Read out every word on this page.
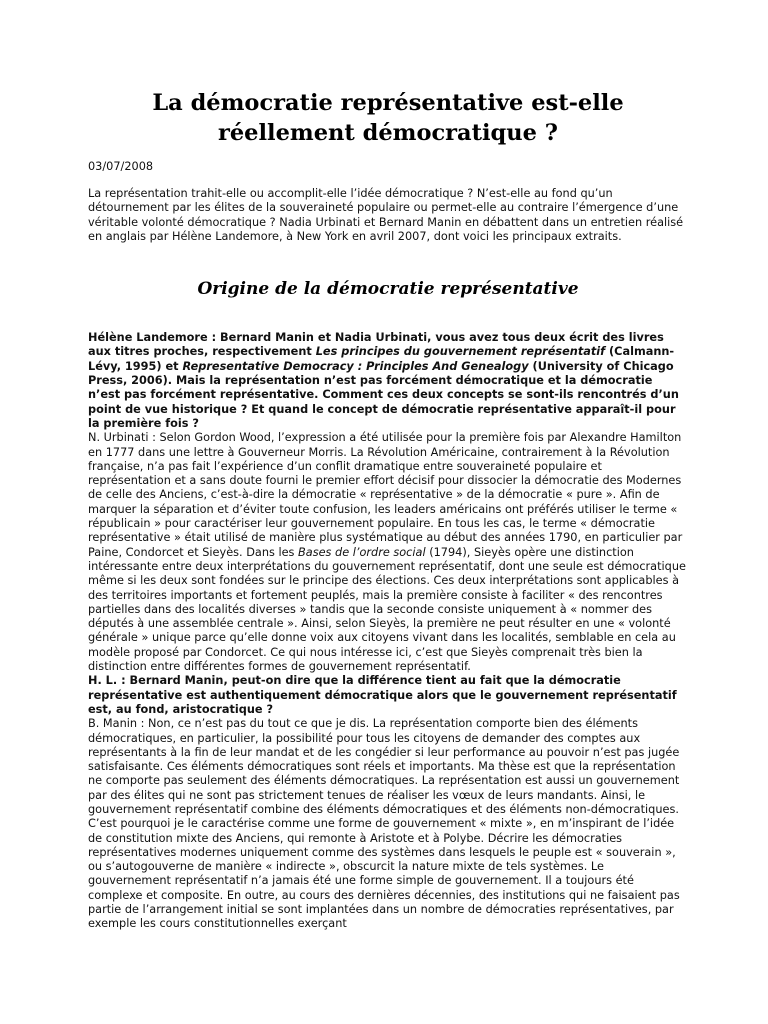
La démocratie représentative est-elle réellement démocratique ?

03/07/2008

La représentation trahit-elle ou accomplit-elle l’idée démocratique ? N’est-elle au fond qu’un détournement par les élites de la souveraineté populaire ou permet-elle au contraire l’émergence d’une véritable volonté démocratique ? Nadia Urbinati et Bernard Manin en débattent dans un entretien réalisé en anglais par Hélène Landemore, à New York en avril 2007, dont voici les principaux extraits.

Origine de la démocratie représentative

Hélène Landemore : Bernard Manin et Nadia Urbinati, vous avez tous deux écrit des livres aux titres proches, respectivement Les principes du gouvernement représentatif (Calmann-Lévy, 1995) et Representative Democracy : Principles And Genealogy (University of Chicago Press, 2006). Mais la représentation n’est pas forcément démocratique et la démocratie n’est pas forcément représentative. Comment ces deux concepts se sont-ils rencontrés d’un point de vue historique ? Et quand le concept de démocratie représentative apparaît-il pour la première fois ?

N. Urbinati : Selon Gordon Wood, l’expression a été utilisée pour la première fois par Alexandre Hamilton en 1777 dans une lettre à Gouverneur Morris. La Révolution Américaine, contrairement à la Révolution française, n’a pas fait l’expérience d’un conflit dramatique entre souveraineté populaire et représentation et a sans doute fourni le premier effort décisif pour dissocier la démocratie des Modernes de celle des Anciens, c’est-à-dire la démocratie « représentative » de la démocratie « pure ». Afin de marquer la séparation et d’éviter toute confusion, les leaders américains ont préférés utiliser le terme « républicain » pour caractériser leur gouvernement populaire. En tous les cas, le terme « démocratie représentative » était utilisé de manière plus systématique au début des années 1790, en particulier par Paine, Condorcet et Sieyès. Dans les Bases de l’ordre social (1794), Sieyès opère une distinction intéressante entre deux interprétations du gouvernement représentatif, dont une seule est démocratique même si les deux sont fondées sur le principe des élections. Ces deux interprétations sont applicables à des territoires importants et fortement peuplés, mais la première consiste à faciliter « des rencontres partielles dans des localités diverses » tandis que la seconde consiste uniquement à « nommer des députés à une assemblée centrale ». Ainsi, selon Sieyès, la première ne peut résulter en une « volonté générale » unique parce qu’elle donne voix aux citoyens vivant dans les localités, semblable en cela au modèle proposé par Condorcet. Ce qui nous intéresse ici, c’est que Sieyès comprenait très bien la distinction entre différentes formes de gouvernement représentatif.

H. L. : Bernard Manin, peut-on dire que la différence tient au fait que la démocratie représentative est authentiquement démocratique alors que le gouvernement représentatif est, au fond, aristocratique ?

B. Manin : Non, ce n’est pas du tout ce que je dis. La représentation comporte bien des éléments démocratiques, en particulier, la possibilité pour tous les citoyens de demander des comptes aux représentants à la fin de leur mandat et de les congédier si leur performance au pouvoir n’est pas jugée satisfaisante. Ces éléments démocratiques sont réels et importants. Ma thèse est que la représentation ne comporte pas seulement des éléments démocratiques. La représentation est aussi un gouvernement par des élites qui ne sont pas strictement tenues de réaliser les vœux de leurs mandants. Ainsi, le gouvernement représentatif combine des éléments démocratiques et des éléments non-démocratiques. C’est pourquoi je le caractérise comme une forme de gouvernement « mixte », en m’inspirant de l’idée de constitution mixte des Anciens, qui remonte à Aristote et à Polybe. Décrire les démocraties représentatives modernes uniquement comme des systèmes dans lesquels le peuple est « souverain », ou s’autogouverne de manière « indirecte », obscurcit la nature mixte de tels systèmes. Le gouvernement représentatif n’a jamais été une forme simple de gouvernement. Il a toujours été complexe et composite. En outre, au cours des dernières décennies, des institutions qui ne faisaient pas partie de l’arrangement initial se sont implantées dans un nombre de démocraties représentatives, par exemple les cours constitutionnelles exerçant
